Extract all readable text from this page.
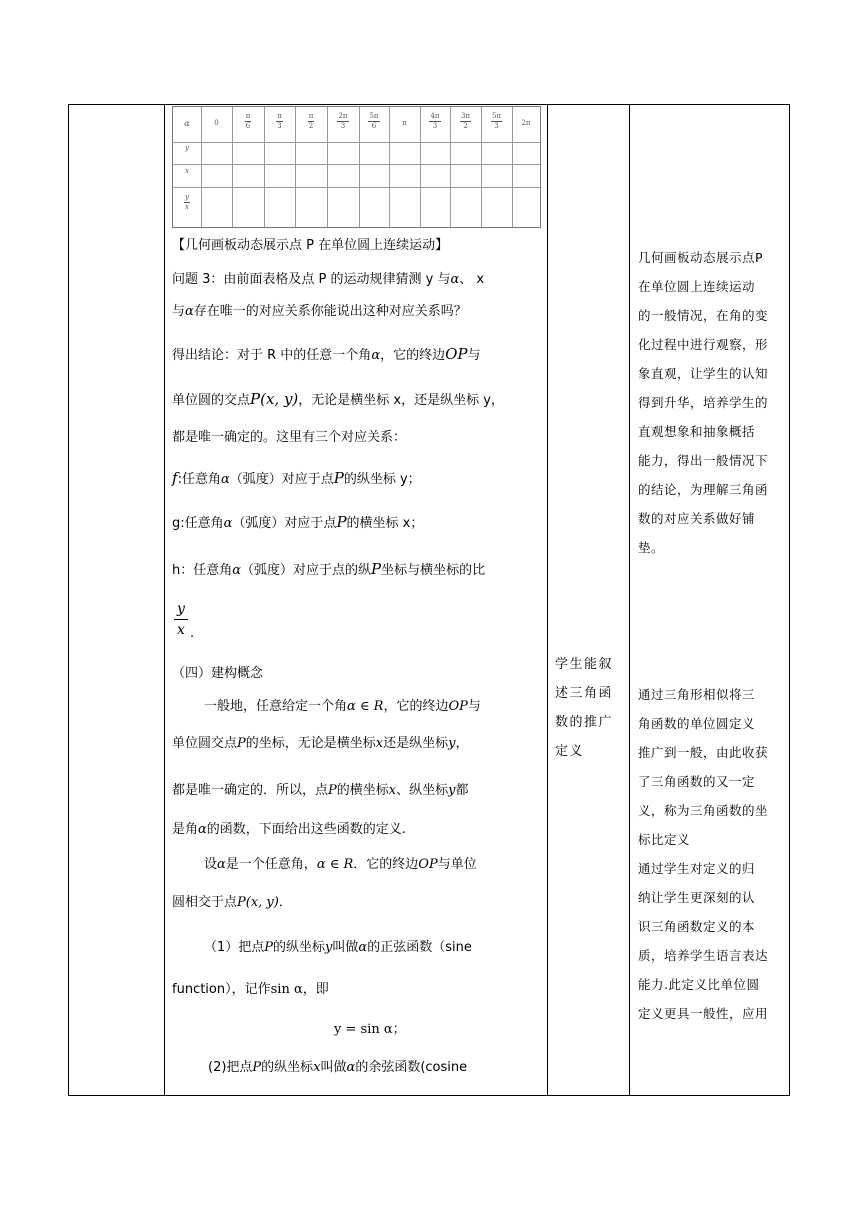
α	0	$\frac{\pi}{6}$	$\frac{\pi}{3}$	$\frac{\pi}{2}$	$\frac{2\pi}{3}$	$\frac{5\pi}{6}$	π	$\frac{4\pi}{3}$	$\frac{3\pi}{2}$	$\frac{5\pi}{3}$	2π
y
x
$\frac{y}{x}$
【几何画板动态展示点 P 在单位圆上连续运动】
问题 3：由前面表格及点 P 的运动规律猜测 y 与α、 x
与α存在唯一的对应关系你能说出这种对应关系吗？
得出结论：对于 R 中的任意一个角α，它的终边OP与
单位圆的交点P(x, y)，无论是横坐标 x，还是纵坐标 y，
都是唯一确定的。这里有三个对应关系：
f:任意角α（弧度）对应于点P的纵坐标 y；
g:任意角α（弧度）对应于点P的横坐标 x；
h：任意角α（弧度）对应于点的纵P坐标与横坐标的比
y
x .
（四）建构概念
一般地，任意给定一个角α ∈ R，它的终边OP与
单位圆交点P的坐标，无论是横坐标x还是纵坐标y，
都是唯一确定的．所以，点P的横坐标x、纵坐标y都
是角α的函数，下面给出这些函数的定义.
设α是一个任意角，α ∈ R．它的终边OP与单位
圆相交于点P(x, y)．
（1）把点P的纵坐标y叫做α的正弦函数（sine
function），记作sin α，即
y = sin α；
(2)把点P的纵坐标x叫做α的余弦函数(cosine
学生能叙
述三角函
数的推广
定义
几何画板动态展示点P
在单位圆上连续运动
的一般情况，在角的变
化过程中进行观察，形
象直观，让学生的认知
得到升华，培养学生的
直观想象和抽象概括
能力，得出一般情况下
的结论，为理解三角函
数的对应关系做好铺
垫。
通过三角形相似将三
角函数的单位圆定义
推广到一般，由此收获
了三角函数的又一定
义，称为三角函数的坐
标比定义
通过学生对定义的归
纳让学生更深刻的认
识三角函数定义的本
质，培养学生语言表达
能力.此定义比单位圆
定义更具一般性，应用
